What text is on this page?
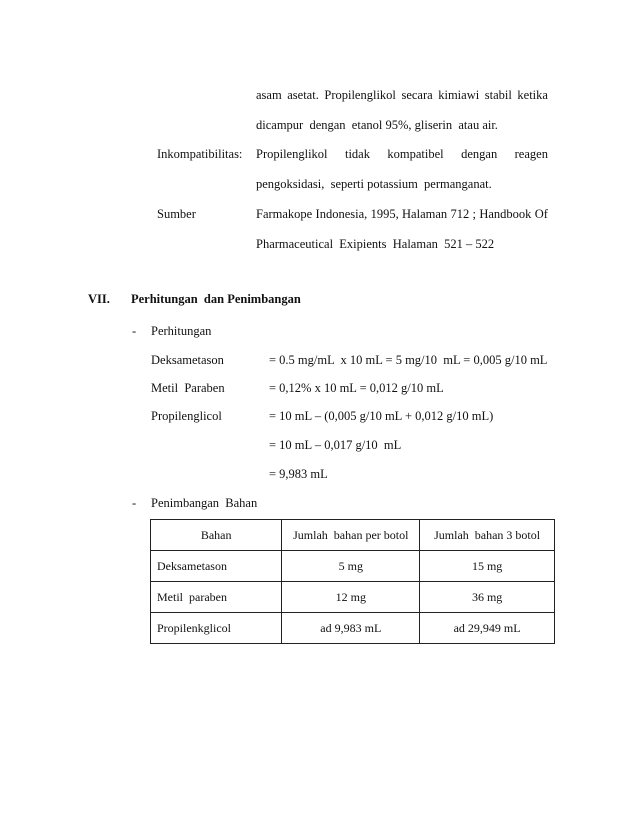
asam asetat. Propilenglikol secara kimiawi stabil ketika
dicampur  dengan  etanol 95%, gliserin  atau air.
Inkompatibilitas: Propilenglikol tidak kompatibel dengan reagen
pengoksidasi,  seperti potassium  permanganat.
Sumber	Farmakope Indonesia, 1995, Halaman 712 ; Handbook Of
Pharmaceutical  Exipients  Halaman  521 – 522
VII. Perhitungan  dan Penimbangan
- Perhitungan
Deksametason	= 0.5 mg/mL  x 10 mL = 5 mg/10  mL = 0,005 g/10 mL
Metil  Paraben	= 0,12% x 10 mL = 0,012 g/10 mL
Propilenglicol	= 10 mL – (0,005 g/10 mL + 0,012 g/10 mL)
= 10 mL – 0,017 g/10  mL
= 9,983 mL
- Penimbangan  Bahan
Bahan	Jumlah  bahan per botol	Jumlah  bahan 3 botol
Deksametason	5 mg	15 mg
Metil  paraben	12 mg	36 mg
Propilenkglicol	ad 9,983 mL	ad 29,949 mL
